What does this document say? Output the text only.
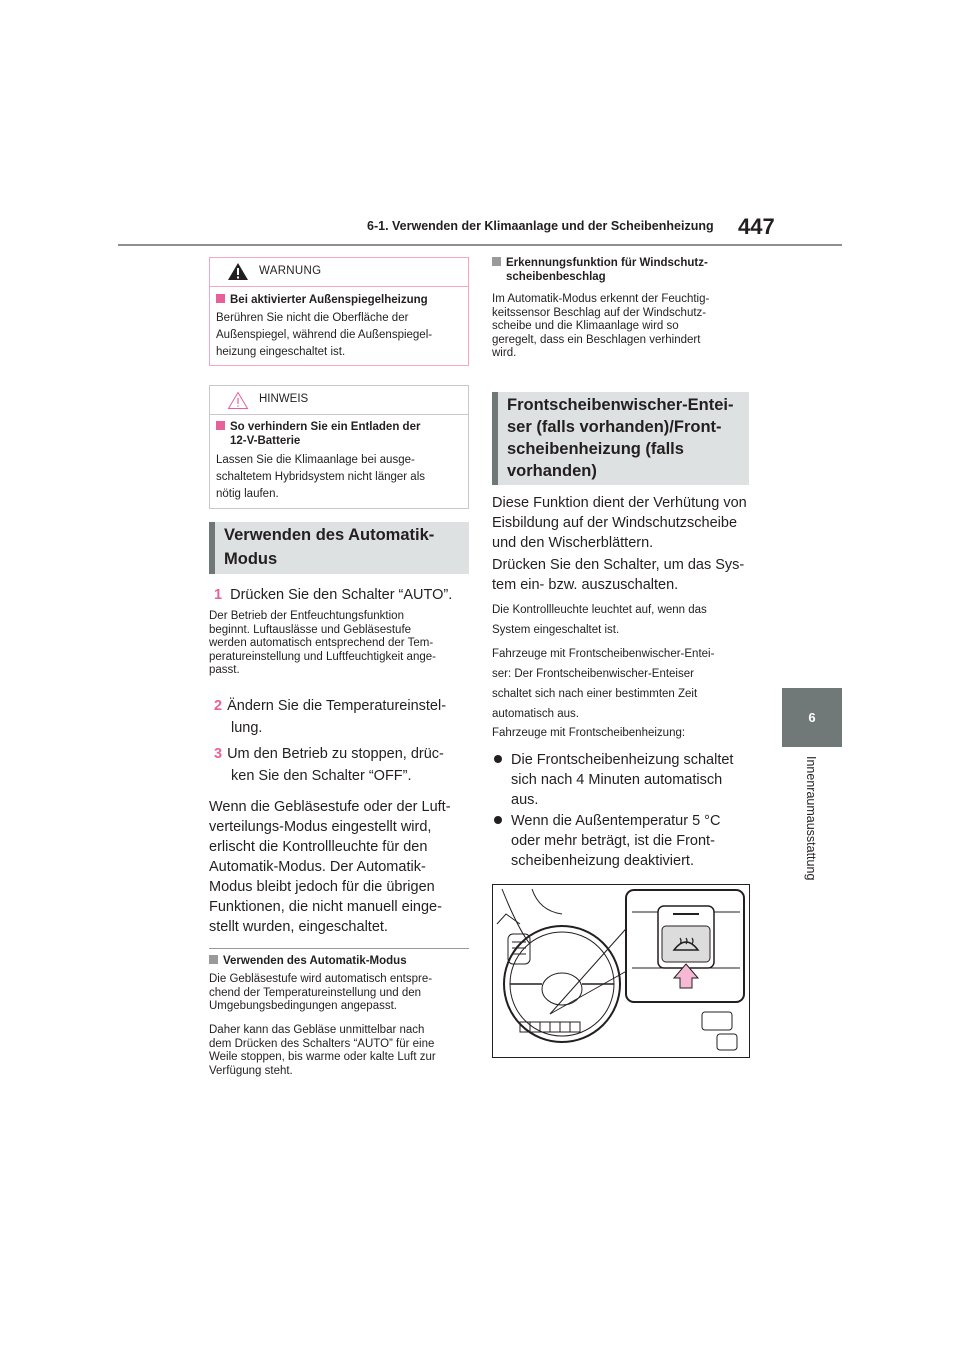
6-1. Verwenden der Klimaanlage und der Scheibenheizung 447
6
Innenraumausstattung
WARNUNG
Bei aktivierter Außenspiegelheizung
Berühren Sie nicht die Oberfläche der
Außenspiegel, während die Außenspiegel-
heizung eingeschaltet ist.
HINWEIS
So verhindern Sie ein Entladen der
12-V-Batterie
Lassen Sie die Klimaanlage bei ausge-
schaltetem Hybridsystem nicht länger als
nötig laufen.
Verwenden des Automatik-
Modus
1 Drücken Sie den Schalter “AUTO”.
Der Betrieb der Entfeuchtungsfunktion
beginnt. Luftauslässe und Gebläsestufe
werden automatisch entsprechend der Tem-
peratureinstellung und Luftfeuchtigkeit ange-
passt.
2 Ändern Sie die Temperatureinstel-
lung.
3 Um den Betrieb zu stoppen, drüc-
ken Sie den Schalter “OFF”.
Wenn die Gebläsestufe oder der Luft-
verteilungs-Modus eingestellt wird,
erlischt die Kontrollleuchte für den
Automatik-Modus. Der Automatik-
Modus bleibt jedoch für die übrigen
Funktionen, die nicht manuell einge-
stellt wurden, eingeschaltet.
Verwenden des Automatik-Modus
Die Gebläsestufe wird automatisch entspre-
chend der Temperatureinstellung und den
Umgebungsbedingungen angepasst.
Daher kann das Gebläse unmittelbar nach
dem Drücken des Schalters “AUTO” für eine
Weile stoppen, bis warme oder kalte Luft zur
Verfügung steht.
Erkennungsfunktion für Windschutz-
scheibenbeschlag
Im Automatik-Modus erkennt der Feuchtig-
keitssensor Beschlag auf der Windschutz-
scheibe und die Klimaanlage wird so
geregelt, dass ein Beschlagen verhindert
wird.
Frontscheibenwischer-Entei-
ser (falls vorhanden)/Front-
scheibenheizung (falls
vorhanden)
Diese Funktion dient der Verhütung von
Eisbildung auf der Windschutzscheibe
und den Wischerblättern.
Drücken Sie den Schalter, um das Sys-
tem ein- bzw. auszuschalten.
Die Kontrollleuchte leuchtet auf, wenn das
System eingeschaltet ist.
Fahrzeuge mit Frontscheibenwischer-Entei-
ser: Der Frontscheibenwischer-Enteiser
schaltet sich nach einer bestimmten Zeit
automatisch aus.
Fahrzeuge mit Frontscheibenheizung:
Die Frontscheibenheizung schaltet
sich nach 4 Minuten automatisch
aus.
Wenn die Außentemperatur 5 °C
oder mehr beträgt, ist die Front-
scheibenheizung deaktiviert.
